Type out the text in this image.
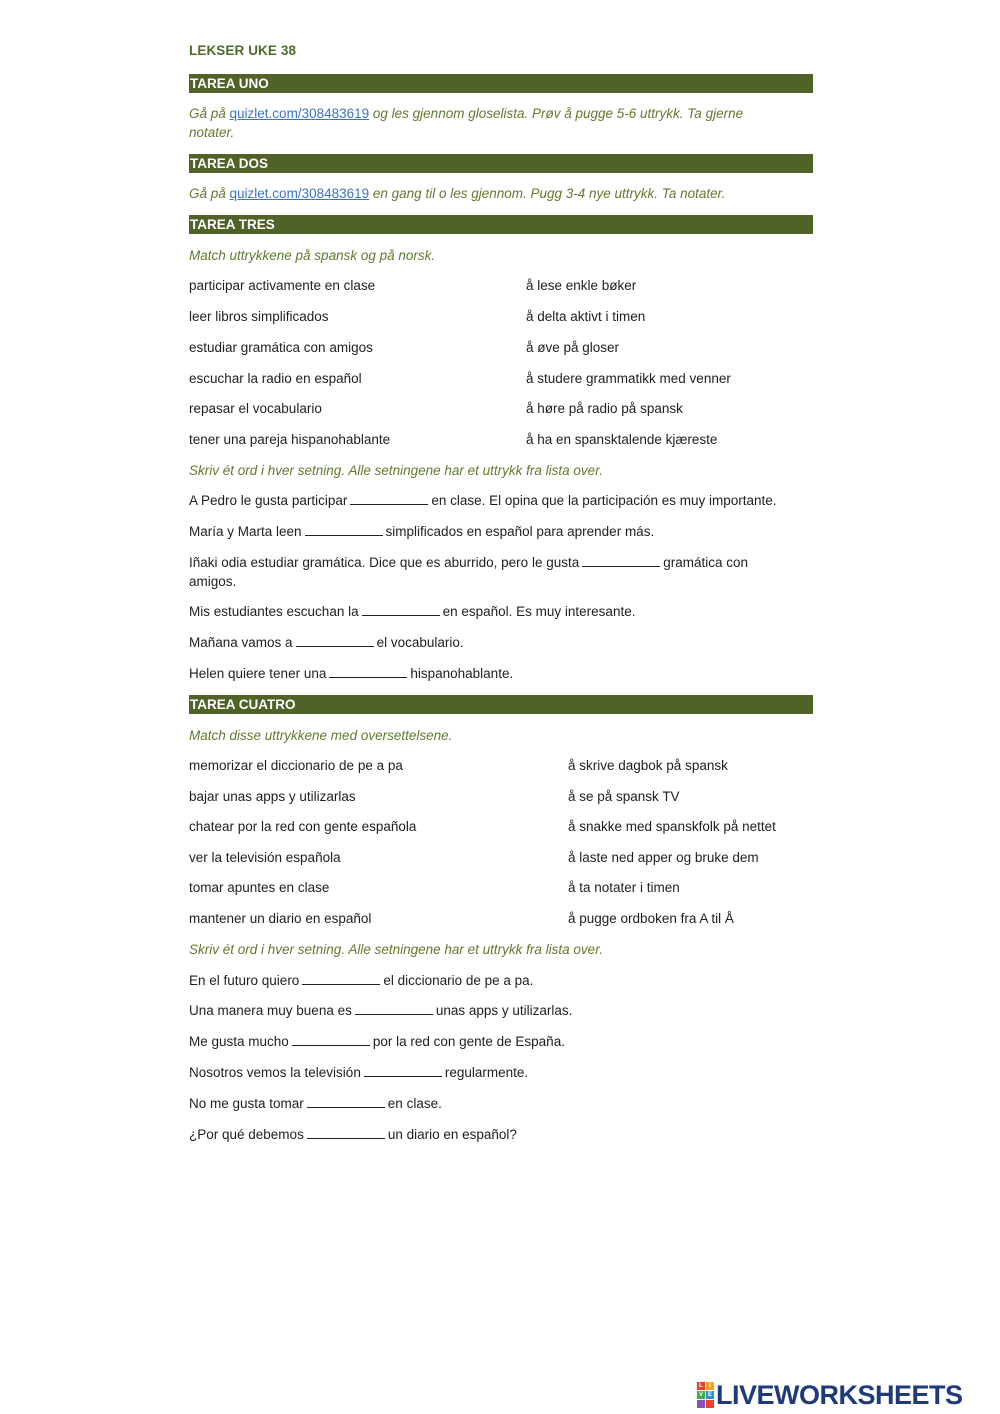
LEKSER UKE 38
TAREA UNO
Gå på quizlet.com/308483619 og les gjennom gloselista. Prøv å pugge 5-6 uttrykk. Ta gjerne notater.
TAREA DOS
Gå på quizlet.com/308483619 en gang til o les gjennom. Pugg 3-4 nye uttrykk. Ta notater.
TAREA TRES
Match uttrykkene på spansk og på norsk.
participar activamente en clase	å lese enkle bøker
leer libros simplificados	å delta aktivt i timen
estudiar gramática con amigos	å øve på gloser
escuchar la radio en español	å studere grammatikk med venner
repasar el vocabulario	å høre på radio på spansk
tener una pareja hispanohablante	å ha en spansktalende kjæreste
Skriv ét ord i hver setning. Alle setningene har et uttrykk fra lista over.
A Pedro le gusta participar	en clase. El opina que la participación es muy importante.
María y Marta leen	simplificados en español para aprender más.
Iñaki odia estudiar gramática. Dice que es aburrido, pero le gusta	gramática con amigos.
Mis estudiantes escuchan la	en español. Es muy interesante.
Mañana vamos a	el vocabulario.
Helen quiere tener una	hispanohablante.
TAREA CUATRO
Match disse uttrykkene med oversettelsene.
memorizar el diccionario de pe a pa	å skrive dagbok på spansk
bajar unas apps y utilizarlas	å se på spansk TV
chatear por la red con gente española	å snakke med spanskfolk på nettet
ver la televisión española	å laste ned apper og bruke dem
tomar apuntes en clase	å ta notater i timen
mantener un diario en español	å pugge ordboken fra A til Å
Skriv ét ord i hver setning. Alle setningene har et uttrykk fra lista over.
En el futuro quiero	el diccionario de pe a pa.
Una manera muy buena es	unas apps y utilizarlas.
Me gusta mucho	por la red con gente de España.
Nosotros vemos la televisión	regularmente.
No me gusta tomar	en clase.
¿Por qué debemos	un diario en español?
L	I
V E LIVEWORKSHEETS
